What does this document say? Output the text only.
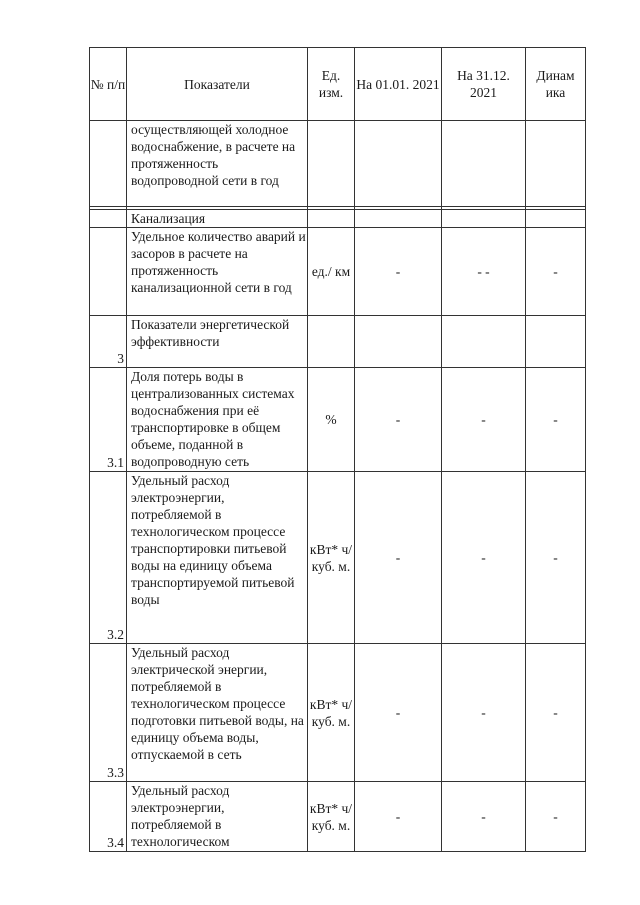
№ п/п	Показатели	Ед. изм.	На 01.01. 2021	На 31.12. 2021	Динам ика
	осуществляющей холодное водоснабжение, в расчете на протяженность водопроводной сети в год				

	Канализация				
	Удельное количество аварий и засоров в расчете на протяженность канализационной сети в год	ед./ км	-	- -	-
3	Показатели энергетической эффективности				
3.1	Доля потерь воды в централизованных системах водоснабжения при её транспортировке в общем объеме, поданной в водопроводную сеть	%	-	-	-
3.2	Удельный расход электроэнергии, потребляемой в технологическом процессе транспортировки питьевой воды на единицу объема транспортируемой питьевой воды	кВт* ч/ куб. м.	-	-	-
3.3	Удельный расход электрической энергии, потребляемой в технологическом процессе подготовки питьевой воды, на единицу объема воды, отпускаемой в сеть	кВт* ч/ куб. м.	-	-	-
3.4	Удельный расход электроэнергии, потребляемой в технологическом	кВт* ч/ куб. м.	-	-	-
